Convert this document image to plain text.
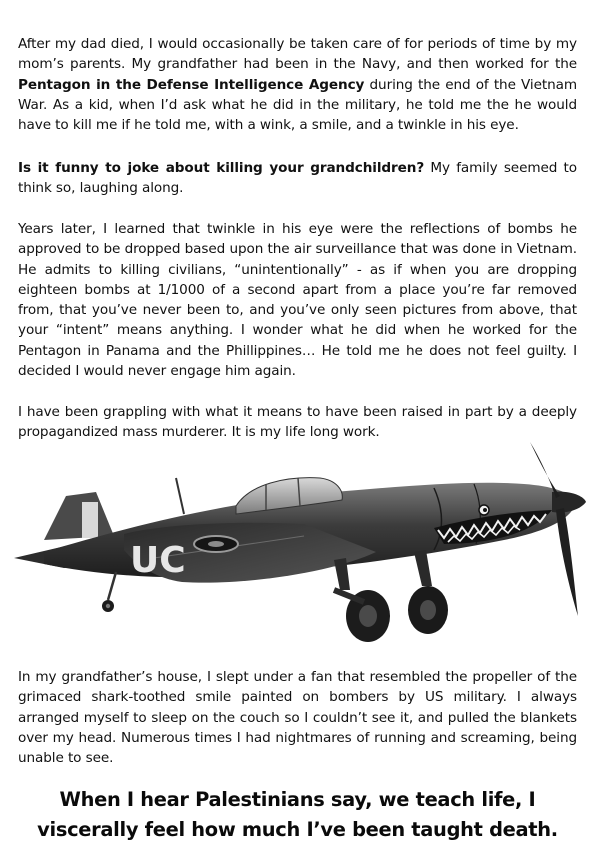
After my dad died, I would occasionally be taken care of for periods of time by my mom’s parents. My grandfather had been in the Navy, and then worked for the Pentagon in the Defense Intelligence Agency during the end of the Vietnam War. As a kid, when I’d ask what he did in the military, he told me the he would have to kill me if he told me, with a wink, a smile, and a twinkle in his eye.

Is it funny to joke about killing your grandchildren? My family seemed to think so, laughing along.

Years later, I learned that twinkle in his eye were the reflections of bombs he approved to be dropped based upon the air surveillance that was done in Vietnam. He admits to killing civilians, “unintentionally” - as if when you are dropping eighteen bombs at 1/1000 of a second apart from a place you’re far removed from, that you’ve never been to, and you’ve only seen pictures from above, that your “intent” means anything. I wonder what he did when he worked for the Pentagon in Panama and the Phillippines… He told me he does not feel guilty. I decided I would never engage him again.

I have been grappling with what it means to have been raised in part by a deeply propagandized mass murderer. It is my life long work.

UC

In my grandfather’s house, I slept under a fan that resembled the propeller of the grimaced shark-toothed smile painted on bombers by US military. I always arranged myself to sleep on the couch so I couldn’t see it, and pulled the blankets over my head. Numerous times I had nightmares of running and screaming, being unable to see.

When I hear Palestinians say, we teach life, I
viscerally feel how much I’ve been taught death.
